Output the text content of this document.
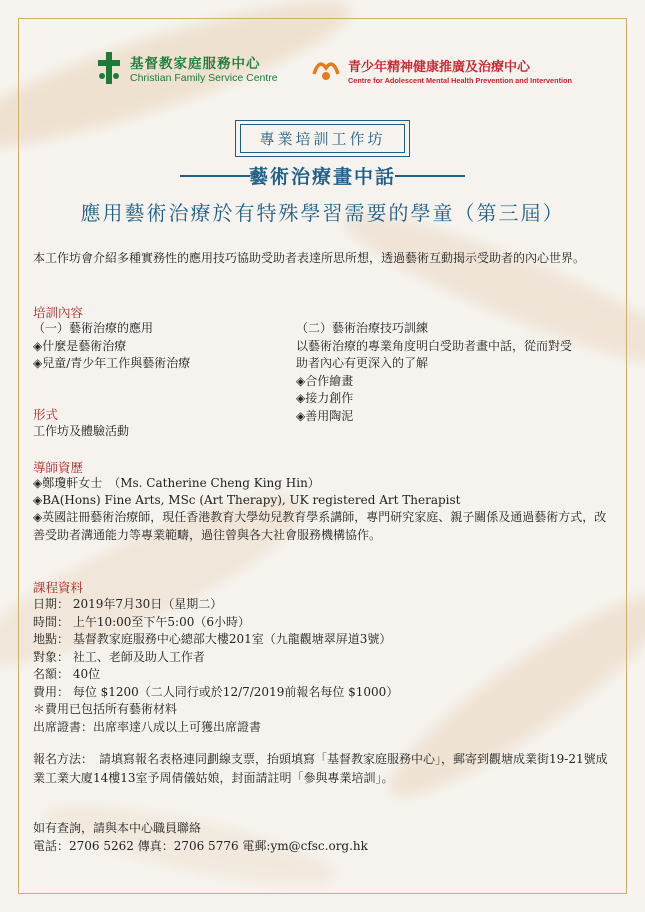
基督教家庭服務中心
Christian Family Service Centre
青少年精神健康推廣及治療中心
Centre for Adolescent Mental Health Prevention and Intervention
專業培訓工作坊
藝術治療畫中話
應用藝術治療於有特殊學習需要的學童（第三屆）
本工作坊會介紹多種實務性的應用技巧協助受助者表達所思所想，透過藝術互動揭示受助者的內心世界。
培訓內容
（一）藝術治療的應用
◈什麼是藝術治療
◈兒童/青少年工作與藝術治療
（二）藝術治療技巧訓練
以藝術治療的專業角度明白受助者畫中話，從而對受助者內心有更深入的了解
◈合作繪畫
◈接力創作
◈善用陶泥
形式
工作坊及體驗活動
導師資歷
◈鄭瓊軒女士　（Ms. Catherine Cheng King Hin）
◈BA(Hons) Fine Arts, MSc (Art Therapy), UK registered Art Therapist
◈英國註冊藝術治療師，現任香港教育大學幼兒教育學系講師，專門研究家庭、親子關係及通過藝術方式，改善受助者溝通能力等專業範疇，過往曾與各大社會服務機構協作。
課程資料
日期： 2019年7月30日（星期二）
時間： 上午10:00至下午5:00（6小時）
地點： 基督教家庭服務中心總部大樓201室（九龍觀塘翠屏道3號）
對象： 社工、老師及助人工作者
名額： 40位
費用： 每位 $1200（二人同行或於12/7/2019前報名每位 $1000）
＊費用已包括所有藝術材料
出席證書：出席率達八成以上可獲出席證書
報名方法：　請填寫報名表格連同劃線支票，抬頭填寫「基督教家庭服務中心」，郵寄到觀塘成業街19-21號成業工業大廈14樓13室予周倩儀姑娘，封面請註明「參與專業培訓」。
如有查詢，請與本中心職員聯絡
電話：2706 5262 傳真：2706 5776 電郵:ym@cfsc.org.hk
